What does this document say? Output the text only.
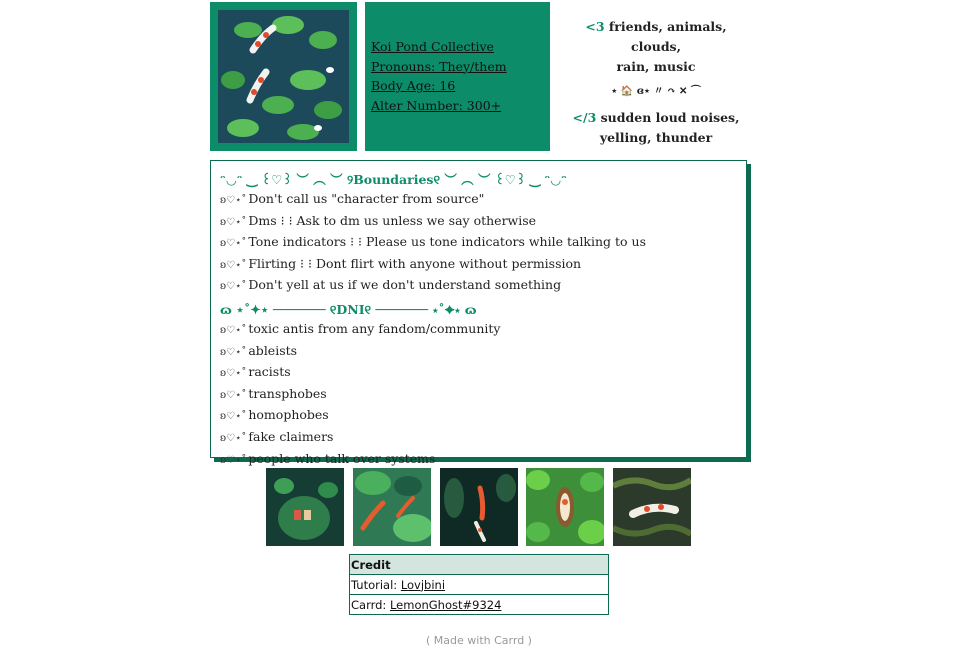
Koi Pond Collective
Pronouns: They/them
Body Age: 16
Alter Number: 300+
<3 friends, animals, clouds,
rain, music
⋆ 🏠 ɞ⋆ 〃 ↷ ✕ ⌒
</3 sudden loud noises,
yelling, thunder
ᵔ◡ᵔ ‿ ꒰♡꒱ ︶ ︵ ︶ ୨Boundaries୧ ︶ ︵ ︶ ꒰♡꒱ ‿ ᵔ◡ᵔ
ʚ♡⋆˚ Don't call us "character from source"
ʚ♡⋆˚ Dms ⁝ ⁝ Ask to dm us unless we say otherwise
ʚ♡⋆˚ Tone indicators ⁝ ⁝ Please us tone indicators while talking to us
ʚ♡⋆˚ Flirting ⁝ ⁝ Dont flirt with anyone without permission
ʚ♡⋆˚ Don't yell at us if we don't understand something
ɷ ⋆˚✦⋆ ─────── ୧DNI୧ ─────── ⋆˚✦⋆ ɷ
ʚ♡⋆˚ toxic antis from any fandom/community
ʚ♡⋆˚ ableists
ʚ♡⋆˚ racists
ʚ♡⋆˚ transphobes
ʚ♡⋆˚ homophobes
ʚ♡⋆˚ fake claimers
ʚ♡⋆˚ people who talk over systems
Credit
Tutorial: Lovjbini
Carrd: LemonGhost#9324
( Made with Carrd )
